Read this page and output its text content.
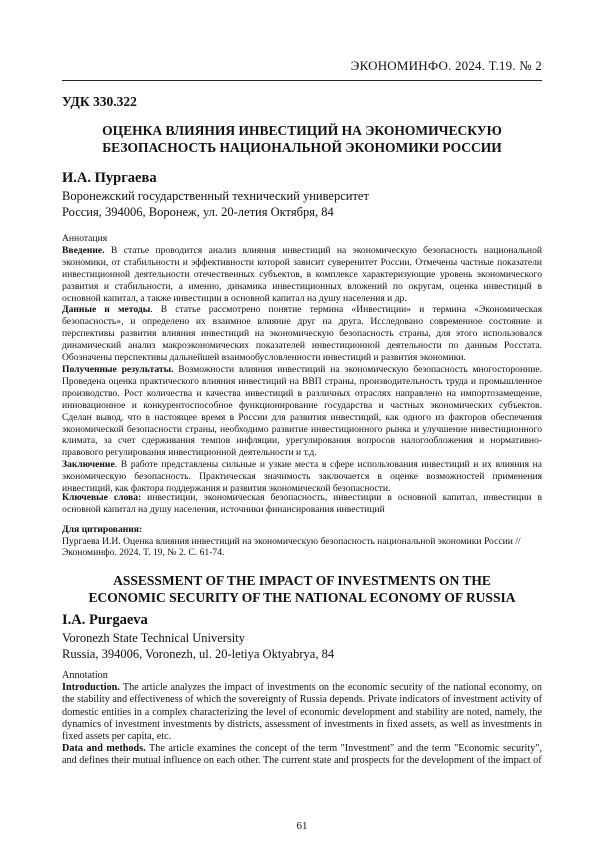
ЭКОНОМИНФО. 2024. Т.19. № 2
УДК 330.322
ОЦЕНКА ВЛИЯНИЯ ИНВЕСТИЦИЙ НА ЭКОНОМИЧЕСКУЮ
БЕЗОПАСНОСТЬ НАЦИОНАЛЬНОЙ ЭКОНОМИКИ РОССИИ
И.А. Пургаева
Воронежский государственный технический университет
Россия, 394006, Воронеж, ул. 20-летия Октября, 84

Аннотация

Введение. В статье проводится анализ влияния инвестиций на экономическую безопасность национальной экономики, от стабильности и эффективности которой зависит суверенитет России. Отмечены частные показатели инвестиционной деятельности отечественных субъектов, в комплексе характеризующие уровень экономического развития и стабильности, а именно, динамика инвестиционных вложений по округам, оценка инвестиций в основной капитал, а также инвестиции в основной капитал на душу населения и др.

Данные и методы. В статье рассмотрено понятие термина «Инвестиции» и термина «Экономическая безопасность», и определено их взаимное влияние друг на друга. Исследовано современное состояние и перспективы развития влияния инвестиций на экономическую безопасность страны, для этого использовался динамический анализ макроэкономических показателей инвестиционной деятельности по данным Росстата. Обозначены перспективы дальнейшей взаимообусловленности инвестиций и развития экономики.

Полученные результаты. Возможности влияния инвестиций на экономическую безопасность многосторонние. Проведена оценка практического влияния инвестиций на ВВП страны, производительность труда и промышленное производство. Рост количества и качества инвестиций в различных отраслях направлено на импортозамещение, инновационное и конкурентоспособное функционирование государства и частных экономических субъектов. Сделан вывод, что в настоящее время в России для развития инвестиций, как одного из факторов обеспечения экономической безопасности страны, необходимо развитие инвестиционного рынка и улучшение инвестиционного климата, за счет сдерживания темпов инфляции, урегулирования вопросов налогообложения и нормативно-правового регулирования инвестиционной деятельности и т.д.

Заключение. В работе представлены сильные и узкие места в сфере использования инвестиций и их влияния на экономическую безопасность. Практическая значимость заключается в оценке возможностей применения инвестиций, как фактора поддержания и развития экономической безопасности.

Ключевые слова: инвестиции, экономическая безопасность, инвестиции в основной капитал, инвестиции в основной капитал на душу населения, источники финансирования инвестиций
Для цитирования:
Пургаева И.И. Оценка влияния инвестиций на экономическую безопасность национальной экономики России // Экономинфо. 2024. Т. 19, № 2. С. 61-74.
ASSESSMENT OF THE IMPACT OF INVESTMENTS ON THE
ECONOMIC SECURITY OF THE NATIONAL ECONOMY OF RUSSIA
I.A. Purgaeva
Voronezh State Technical University
Russia, 394006, Voronezh, ul. 20-letiya Oktyabrya, 84

Annotation

Introduction. The article analyzes the impact of investments on the economic security of the national economy, on the stability and effectiveness of which the sovereignty of Russia depends. Private indicators of investment activity of domestic entities in a complex characterizing the level of economic development and stability are noted, namely, the dynamics of investment investments by districts, assessment of investments in fixed assets, as well as investments in fixed assets per capita, etc.

Data and methods. The article examines the concept of the term "Investment" and the term "Economic security", and defines their mutual influence on each other. The current state and prospects for the development of the impact of

61
